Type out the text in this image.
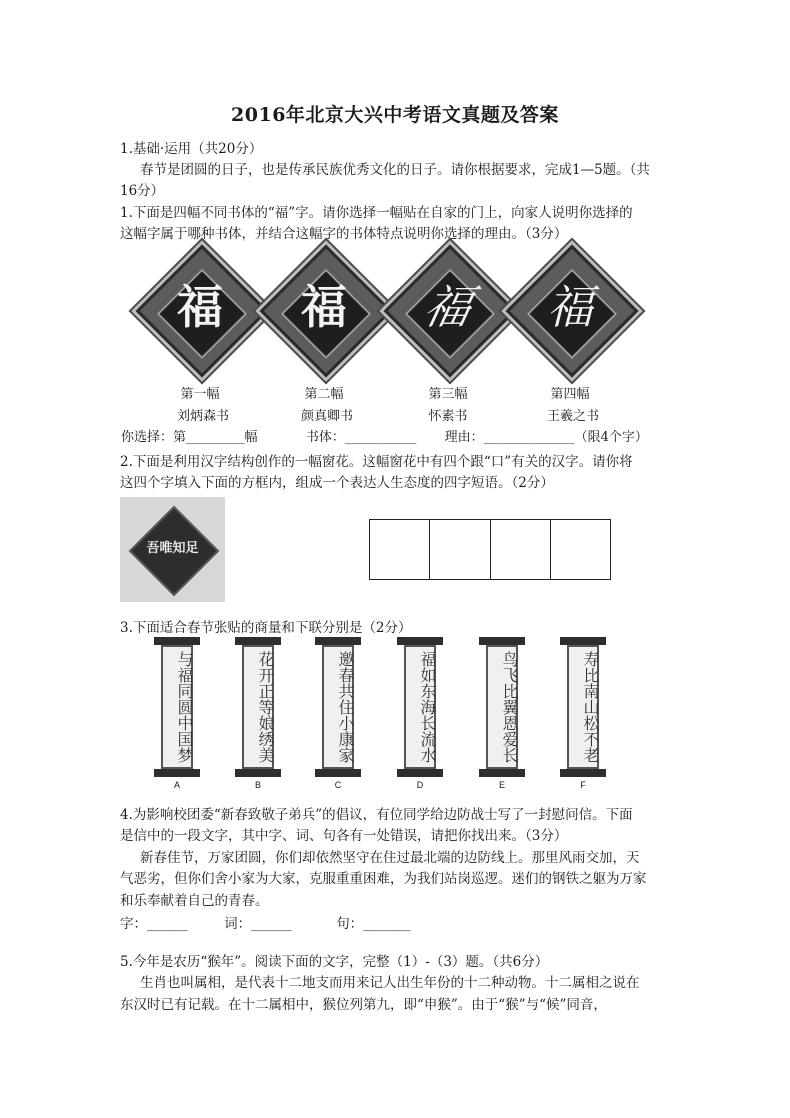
2016年北京大兴中考语文真题及答案
1.基础·运用（共20分）
春节是团圆的日子，也是传承民族优秀文化的日子。请你根据要求，完成1—5题。（共
16分）
1.下面是四幅不同书体的“福”字。请你选择一幅贴在自家的门上，向家人说明你选择的
这幅字属于哪种书体，并结合这幅字的书体特点说明你选择的理由。（3分）
福	福	福	福
第一幅	第二幅	第三幅	第四幅
刘炳森书	颜真卿书	怀素书	王羲之书
你选择：第_________幅	书体：___________ 理由：______________（限4个字）
2.下面是利用汉字结构创作的一幅窗花。这幅窗花中有四个跟“口”有关的汉字。请你将
这四个字填入下面的方框内，组成一个表达人生态度的四字短语。（2分）
吾唯知足
3.下面适合春节张贴的商量和下联分别是（2分）
与福同圆中国梦
A
花开正等娘绣美
B
邀春共住小康家
C
福如东海长流水
D
鸟飞比翼恩爱长
E
寿比南山松不老
F
4.为影响校团委“新春致敬子弟兵”的倡议，有位同学给边防战士写了一封慰问信。下面
是信中的一段文字，其中字、词、句各有一处错误，请把你找出来。（3分）
新春佳节，万家团圆，你们却依然坚守在住过最北端的边防线上。那里风雨交加，天
气恶劣，但你们舍小家为大家，克服重重困难，为我们站岗巡逻。迷们的钢铁之躯为万家
和乐奉献着自己的青春。
字：______	词：______	句：_______
5.今年是农历“猴年”。阅读下面的文字，完整（1）-（3）题。（共6分）
生肖也叫属相，是代表十二地支而用来记人出生年份的十二种动物。十二属相之说在
东汉时已有记载。在十二属相中，猴位列第九，即“申猴”。由于“猴”与“候”同音，
